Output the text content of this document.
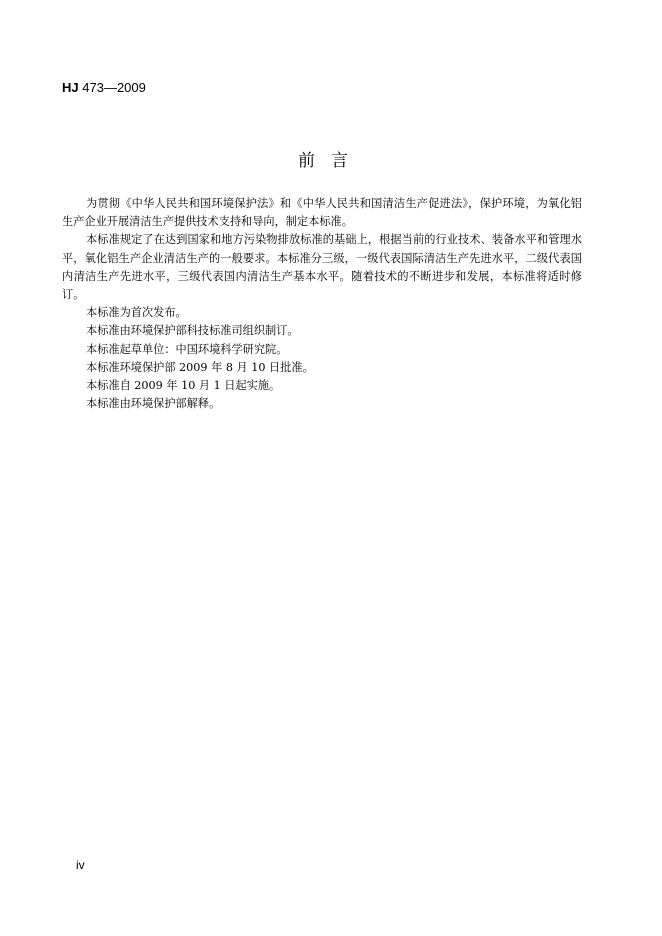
HJ 473—2009
前言

为贯彻《中华人民共和国环境保护法》和《中华人民共和国清洁生产促进法》，保护环境，为氧化铝生产企业开展清洁生产提供技术支持和导向，制定本标准。

本标准规定了在达到国家和地方污染物排放标准的基础上，根据当前的行业技术、装备水平和管理水平，氧化铝生产企业清洁生产的一般要求。本标准分三级，一级代表国际清洁生产先进水平，二级代表国内清洁生产先进水平，三级代表国内清洁生产基本水平。随着技术的不断进步和发展，本标准将适时修订。

本标准为首次发布。

本标准由环境保护部科技标准司组织制订。

本标准起草单位：中国环境科学研究院。

本标准环境保护部 2009 年 8 月 10 日批准。

本标准自 2009 年 10 月 1 日起实施。

本标准由环境保护部解释。

iv
